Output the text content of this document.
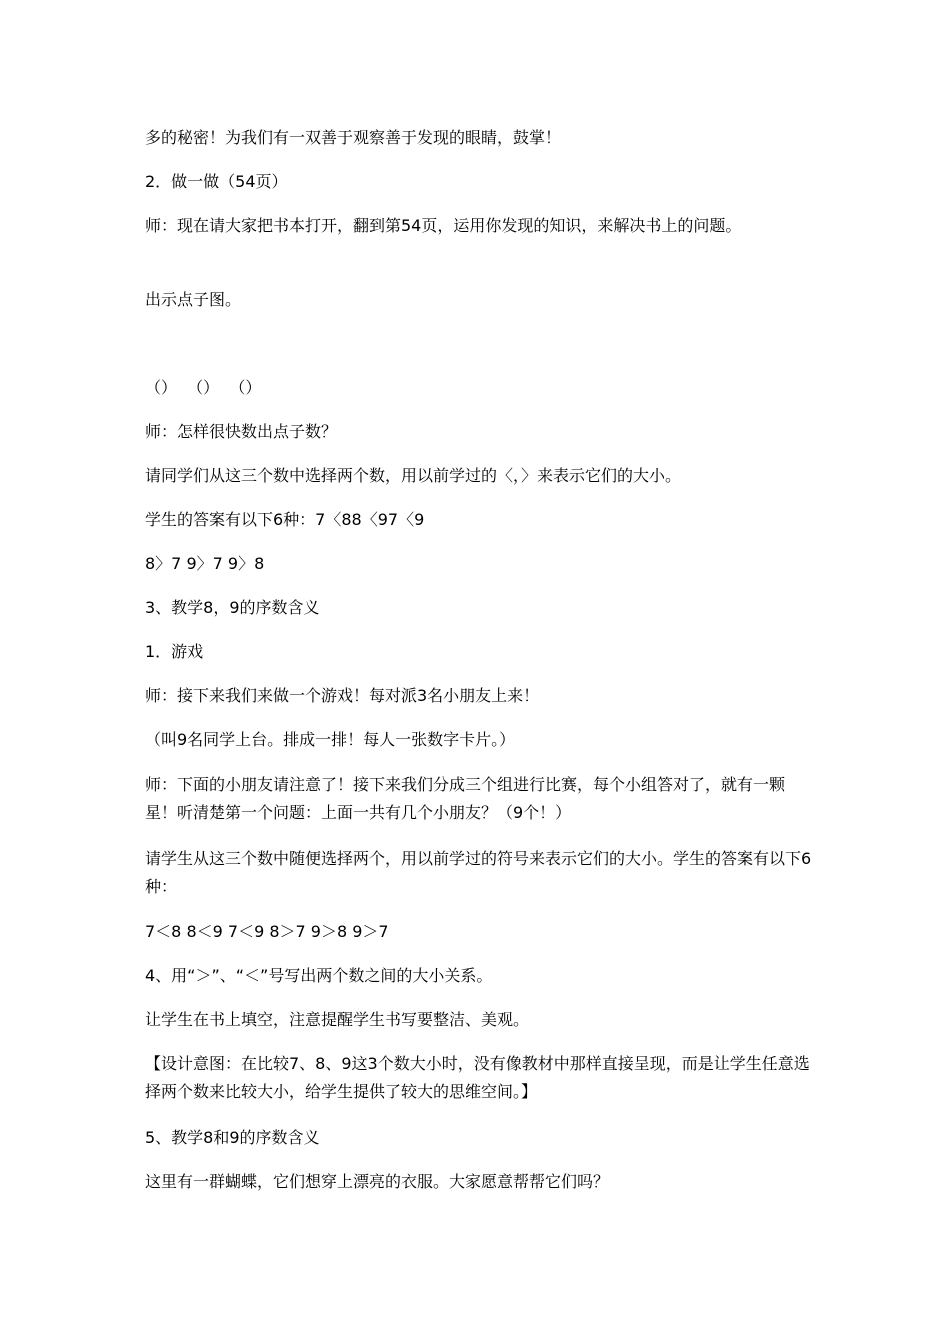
多的秘密！为我们有一双善于观察善于发现的眼睛，鼓掌！

2．做一做（54页）

师：现在请大家把书本打开，翻到第54页，运用你发现的知识，来解决书上的问题。

出示点子图。

（）  （）  （）

师：怎样很快数出点子数？

请同学们从这三个数中选择两个数，用以前学过的〈，〉来表示它们的大小。

学生的答案有以下6种：7〈88〈97〈9

8〉7 9〉7 9〉8

3、教学8，9的序数含义

1．游戏

师：接下来我们来做一个游戏！每对派3名小朋友上来！

（叫9名同学上台。排成一排！每人一张数字卡片。）

师：下面的小朋友请注意了！接下来我们分成三个组进行比赛，每个小组答对了，就有一颗星！听清楚第一个问题：上面一共有几个小朋友？（9个！）

请学生从这三个数中随便选择两个，用以前学过的符号来表示它们的大小。学生的答案有以下6种：

7＜8 8＜9 7＜9 8＞7 9＞8 9＞7

4、用“＞”、“＜”号写出两个数之间的大小关系。

让学生在书上填空，注意提醒学生书写要整洁、美观。

【设计意图：在比较7、8、9这3个数大小时，没有像教材中那样直接呈现，而是让学生任意选择两个数来比较大小，给学生提供了较大的思维空间。】

5、教学8和9的序数含义

这里有一群蝴蝶，它们想穿上漂亮的衣服。大家愿意帮帮它们吗？
